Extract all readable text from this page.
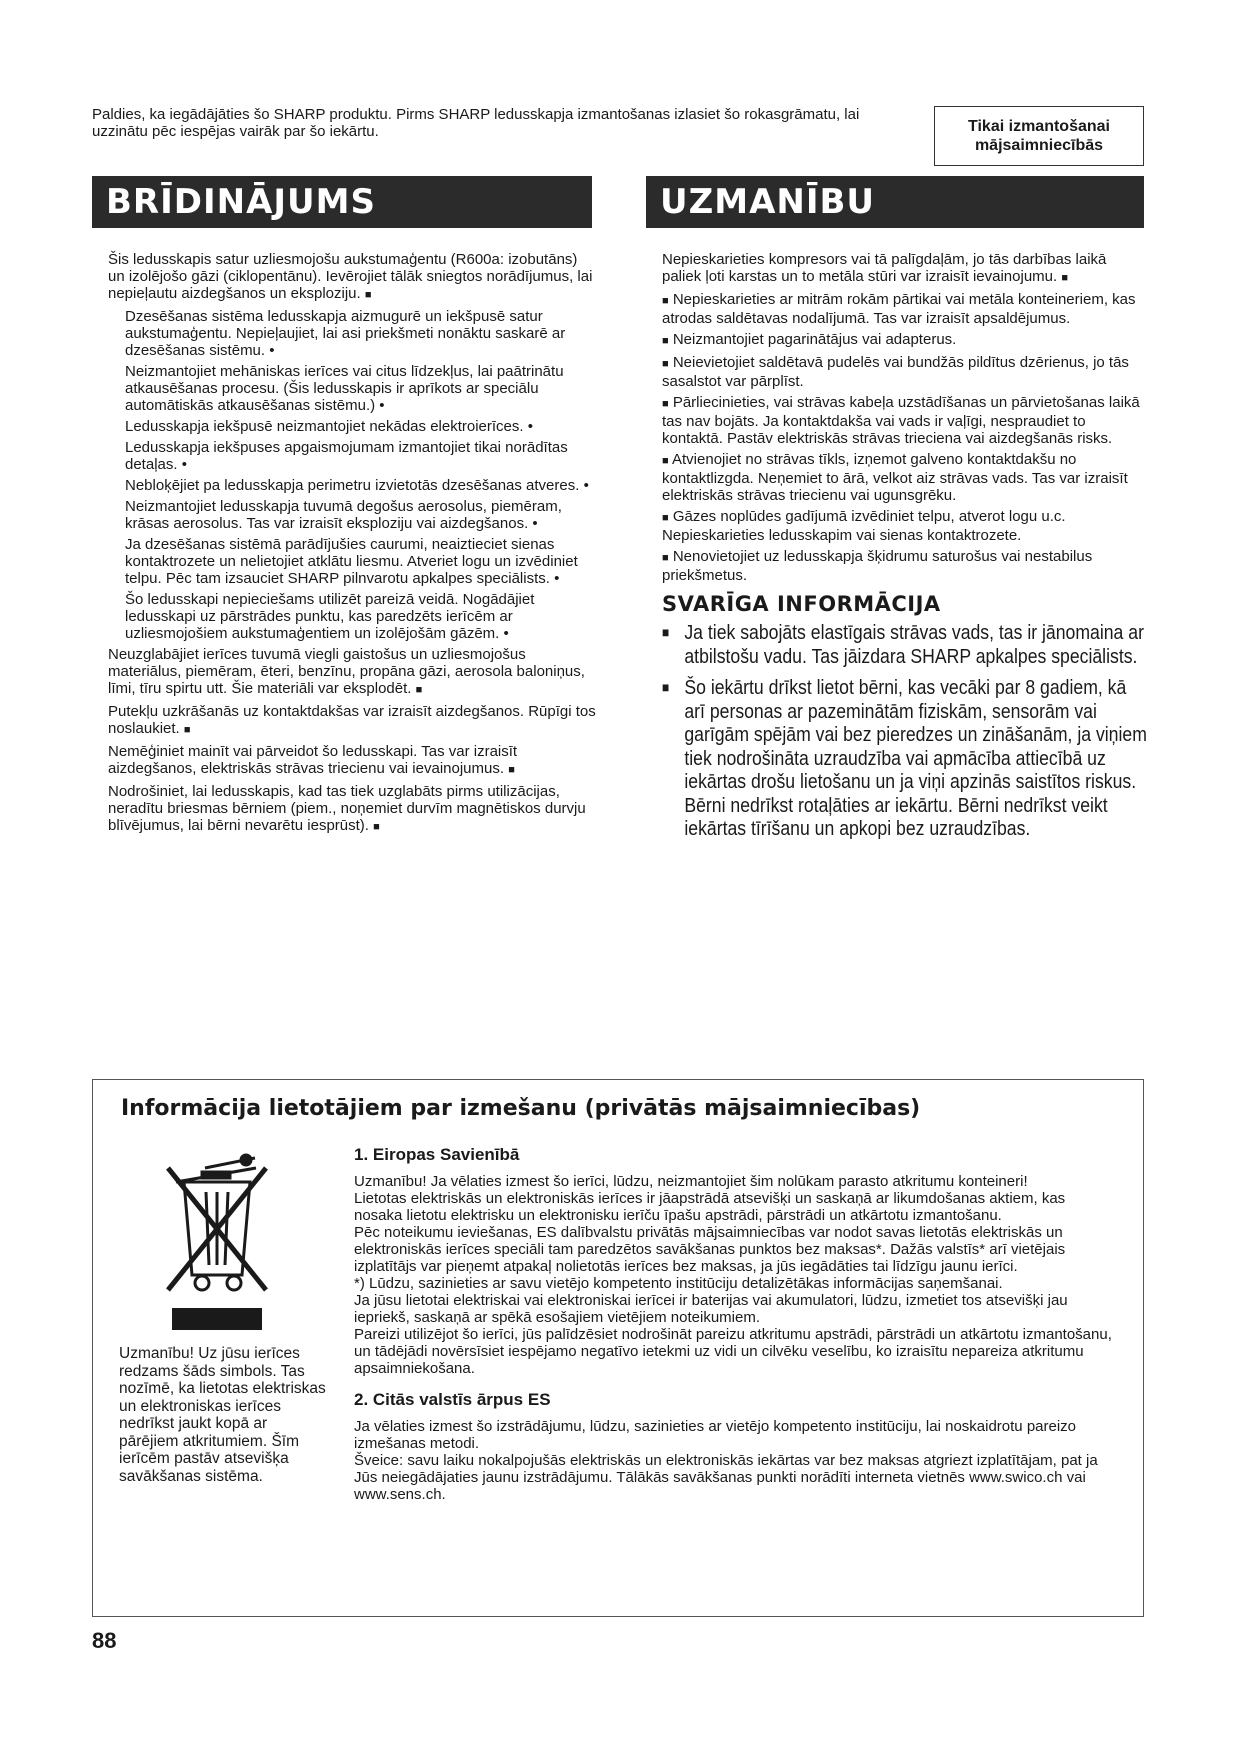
Paldies, ka iegādājāties šo SHARP produktu. Pirms SHARP ledusskapja izmantošanas izlasiet šo rokasgrāmatu, lai uzzinātu pēc iespējas vairāk par šo iekārtu.	Tikai izmantošanai
mājsaimniecībās
BRĪDINĀJUMS	UZMANĪBU

Šis ledusskapis satur uzliesmojošu aukstumaģentu (R600a: izobutāns) un izolējošo gāzi (ciklopentānu). Ievērojiet tālāk sniegtos norādījumus, lai nepieļautu aizdegšanos un eksploziju. ■

Dzesēšanas sistēma ledusskapja aizmugurē un iekšpusē satur aukstumaģentu. Nepieļaujiet, lai asi priekšmeti nonāktu saskarē ar dzesēšanas sistēmu. •

Neizmantojiet mehāniskas ierīces vai citus līdzekļus, lai paātrinātu atkausēšanas procesu. (Šis ledusskapis ir aprīkots ar speciālu automātiskās atkausēšanas sistēmu.) •

Ledusskapja iekšpusē neizmantojiet nekādas elektroierīces. •

Ledusskapja iekšpuses apgaismojumam izmantojiet tikai norādītas detaļas. •

Nebloķējiet pa ledusskapja perimetru izvietotās dzesēšanas atveres. •

Neizmantojiet ledusskapja tuvumā degošus aerosolus, piemēram, krāsas aerosolus. Tas var izraisīt eksploziju vai aizdegšanos. •

Ja dzesēšanas sistēmā parādījušies caurumi, neaiztieciet sienas kontaktrozete un nelietojiet atklātu liesmu. Atveriet logu un izvēdiniet telpu. Pēc tam izsauciet SHARP pilnvarotu apkalpes speciālists. •

Šo ledusskapi nepieciešams utilizēt pareizā veidā. Nogādājiet ledusskapi uz pārstrādes punktu, kas paredzēts ierīcēm ar uzliesmojošiem aukstumaģentiem un izolējošām gāzēm. •

Neuzglabājiet ierīces tuvumā viegli gaistošus un uzliesmojošus materiālus, piemēram, ēteri, benzīnu, propāna gāzi, aerosola baloniņus, līmi, tīru spirtu utt. Šie materiāli var eksplodēt. ■

Putekļu uzkrāšanās uz kontaktdakšas var izraisīt aizdegšanos. Rūpīgi tos noslaukiet. ■

Nemēģiniet mainīt vai pārveidot šo ledusskapi. Tas var izraisīt aizdegšanos, elektriskās strāvas triecienu vai ievainojumus. ■

Nodrošiniet, lai ledusskapis, kad tas tiek uzglabāts pirms utilizācijas, neradītu briesmas bērniem (piem., noņemiet durvīm magnētiskos durvju blīvējumus, lai bērni nevarētu iesprūst). ■

Nepieskarieties kompresors vai tā palīgdaļām, jo tās darbības laikā paliek ļoti karstas un to metāla stūri var izraisīt ievainojumu. ■

■ Nepieskarieties ar mitrām rokām pārtikai vai metāla konteineriem, kas atrodas saldētavas nodalījumā. Tas var izraisīt apsaldējumus.

■ Neizmantojiet pagarinātājus vai adapterus.

■ Neievietojiet saldētavā pudelēs vai bundžās pildītus dzērienus, jo tās sasalstot var pārplīst.

■ Pārliecinieties, vai strāvas kabeļa uzstādīšanas un pārvietošanas laikā tas nav bojāts. Ja kontaktdakša vai vads ir vaļīgi, nespraudiet to kontaktā. Pastāv elektriskās strāvas trieciena vai aizdegšanās risks.

■ Atvienojiet no strāvas tīkls, izņemot galveno kontaktdakšu no kontaktlizgda. Neņemiet to ārā, velkot aiz strāvas vads. Tas var izraisīt elektriskās strāvas triecienu vai ugunsgrēku.

■ Gāzes noplūdes gadījumā izvēdiniet telpu, atverot logu u.c. Nepieskarieties ledusskapim vai sienas kontaktrozete.

■ Nenovietojiet uz ledusskapja šķidrumu saturošus vai nestabilus priekšmetus.

SVARĪGA INFORMĀCIJA
■ Ja tiek sabojāts elastīgais strāvas vads, tas ir jānomaina ar atbilstošu vadu. Tas jāizdara SHARP apkalpes speciālists.
■ Šo iekārtu drīkst lietot bērni, kas vecāki par 8 gadiem, kā arī personas ar pazeminātām fiziskām, sensorām vai garīgām spējām vai bez pieredzes un zināšanām, ja viņiem tiek nodrošināta uzraudzība vai apmācība attiecībā uz iekārtas drošu lietošanu un ja viņi apzinās saistītos riskus. Bērni nedrīkst rotaļāties ar iekārtu. Bērni nedrīkst veikt iekārtas tīrīšanu un apkopi bez uzraudzības.
Informācija lietotājiem par izmešanu (privātās mājsaimniecības)
Uzmanību! Uz jūsu ierīces redzams šāds simbols. Tas nozīmē, ka lietotas elektriskas un elektroniskas ierīces nedrīkst jaukt kopā ar pārējiem atkritumiem. Šīm ierīcēm pastāv atsevišķa savākšanas sistēma.
1. Eiropas Savienībā

Uzmanību! Ja vēlaties izmest šo ierīci, lūdzu, neizmantojiet šim nolūkam parasto atkritumu konteineri!

Lietotas elektriskās un elektroniskās ierīces ir jāapstrādā atsevišķi un saskaņā ar likumdošanas aktiem, kas nosaka lietotu elektrisku un elektronisku ierīču īpašu apstrādi, pārstrādi un atkārtotu izmantošanu.

Pēc noteikumu ieviešanas, ES dalībvalstu privātās mājsaimniecības var nodot savas lietotās elektriskās un elektroniskās ierīces speciāli tam paredzētos savākšanas punktos bez maksas*. Dažās valstīs* arī vietējais izplatītājs var pieņemt atpakaļ nolietotās ierīces bez maksas, ja jūs iegādāties tai līdzīgu jaunu ierīci.

*) Lūdzu, sazinieties ar savu vietējo kompetento institūciju detalizētākas informācijas saņemšanai.

Ja jūsu lietotai elektriskai vai elektroniskai ierīcei ir baterijas vai akumulatori, lūdzu, izmetiet tos atsevišķi jau iepriekš, saskaņā ar spēkā esošajiem vietējiem noteikumiem.

Pareizi utilizējot šo ierīci, jūs palīdzēsiet nodrošināt pareizu atkritumu apstrādi, pārstrādi un atkārtotu izmantošanu, un tādējādi novērsīsiet iespējamo negatīvo ietekmi uz vidi un cilvēku veselību, ko izraisītu nepareiza atkritumu apsaimniekošana.

2. Citās valstīs ārpus ES

Ja vēlaties izmest šo izstrādājumu, lūdzu, sazinieties ar vietējo kompetento institūciju, lai noskaidrotu pareizo izmešanas metodi.

Šveice: savu laiku nokalpojušās elektriskās un elektroniskās iekārtas var bez maksas atgriezt izplatītājam, pat ja Jūs neiegādājaties jaunu izstrādājumu. Tālākās savākšanas punkti norādīti interneta vietnēs www.swico.ch vai www.sens.ch.

88
